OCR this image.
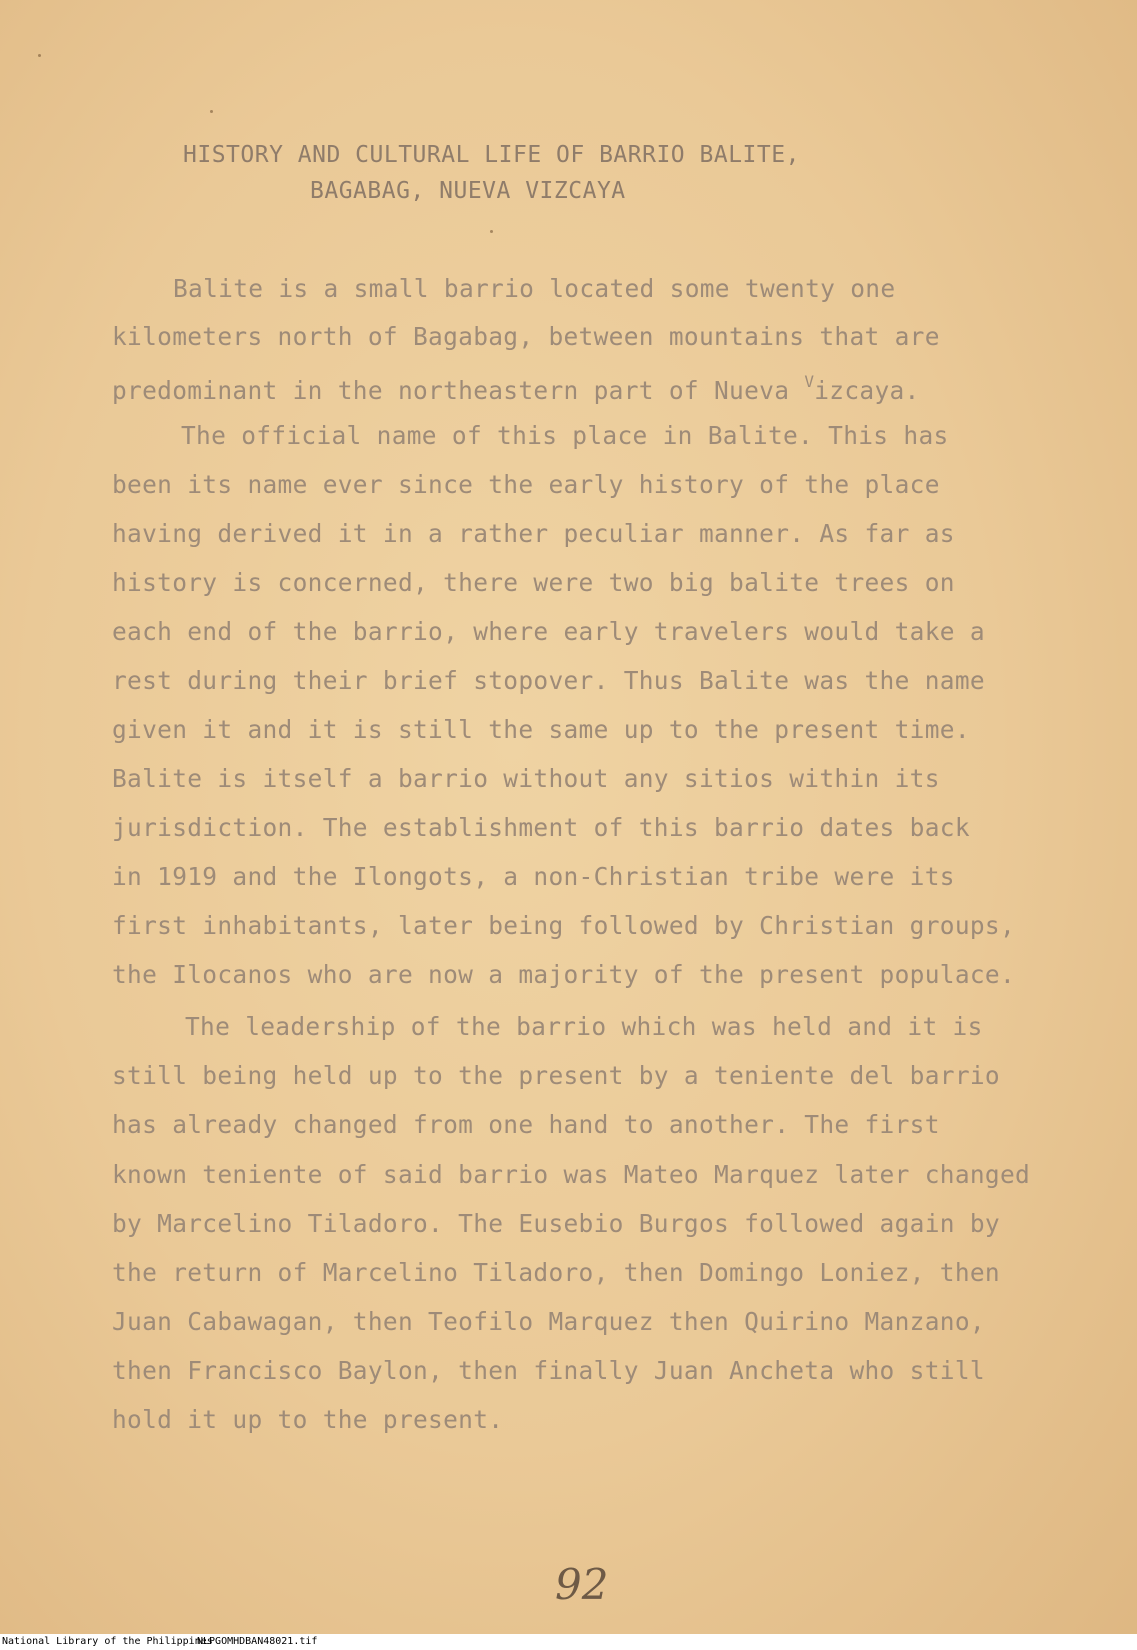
HISTORY AND CULTURAL LIFE OF BARRIO BALITE,
BAGABAG, NUEVA VIZCAYA
Balite is a small barrio located some twenty one
kilometers north of Bagabag, between mountains that are
predominant in the northeastern part of Nueva $^V$izcaya.
The official name of this place in Balite. This has
been its name ever since the early history of the place
having derived it in a rather peculiar manner. As far as
history is concerned, there were two big balite trees on
each end of the barrio, where early travelers would take a
rest during their brief stopover. Thus Balite was the name
given it and it is still the same up to the present time.
Balite is itself a barrio without any sitios within its
jurisdiction. The establishment of this barrio dates back
in 1919 and the Ilongots, a non-Christian tribe were its
first inhabitants, later being followed by Christian groups,
the Ilocanos who are now a majority of the present populace.
The leadership of the barrio which was held and it is
still being held up to the present by a teniente del barrio
has already changed from one hand to another. The first
known teniente of said barrio was Mateo Marquez later changed
by Marcelino Tiladoro. The Eusebio Burgos followed again by
the return of Marcelino Tiladoro, then Domingo Loniez, then
Juan Cabawagan, then Teofilo Marquez then Quirino Manzano,
then Francisco Baylon, then finally Juan Ancheta who still
hold it up to the present.
92
National Library of the Philippines
NLPGOMHDBAN48021.tif
